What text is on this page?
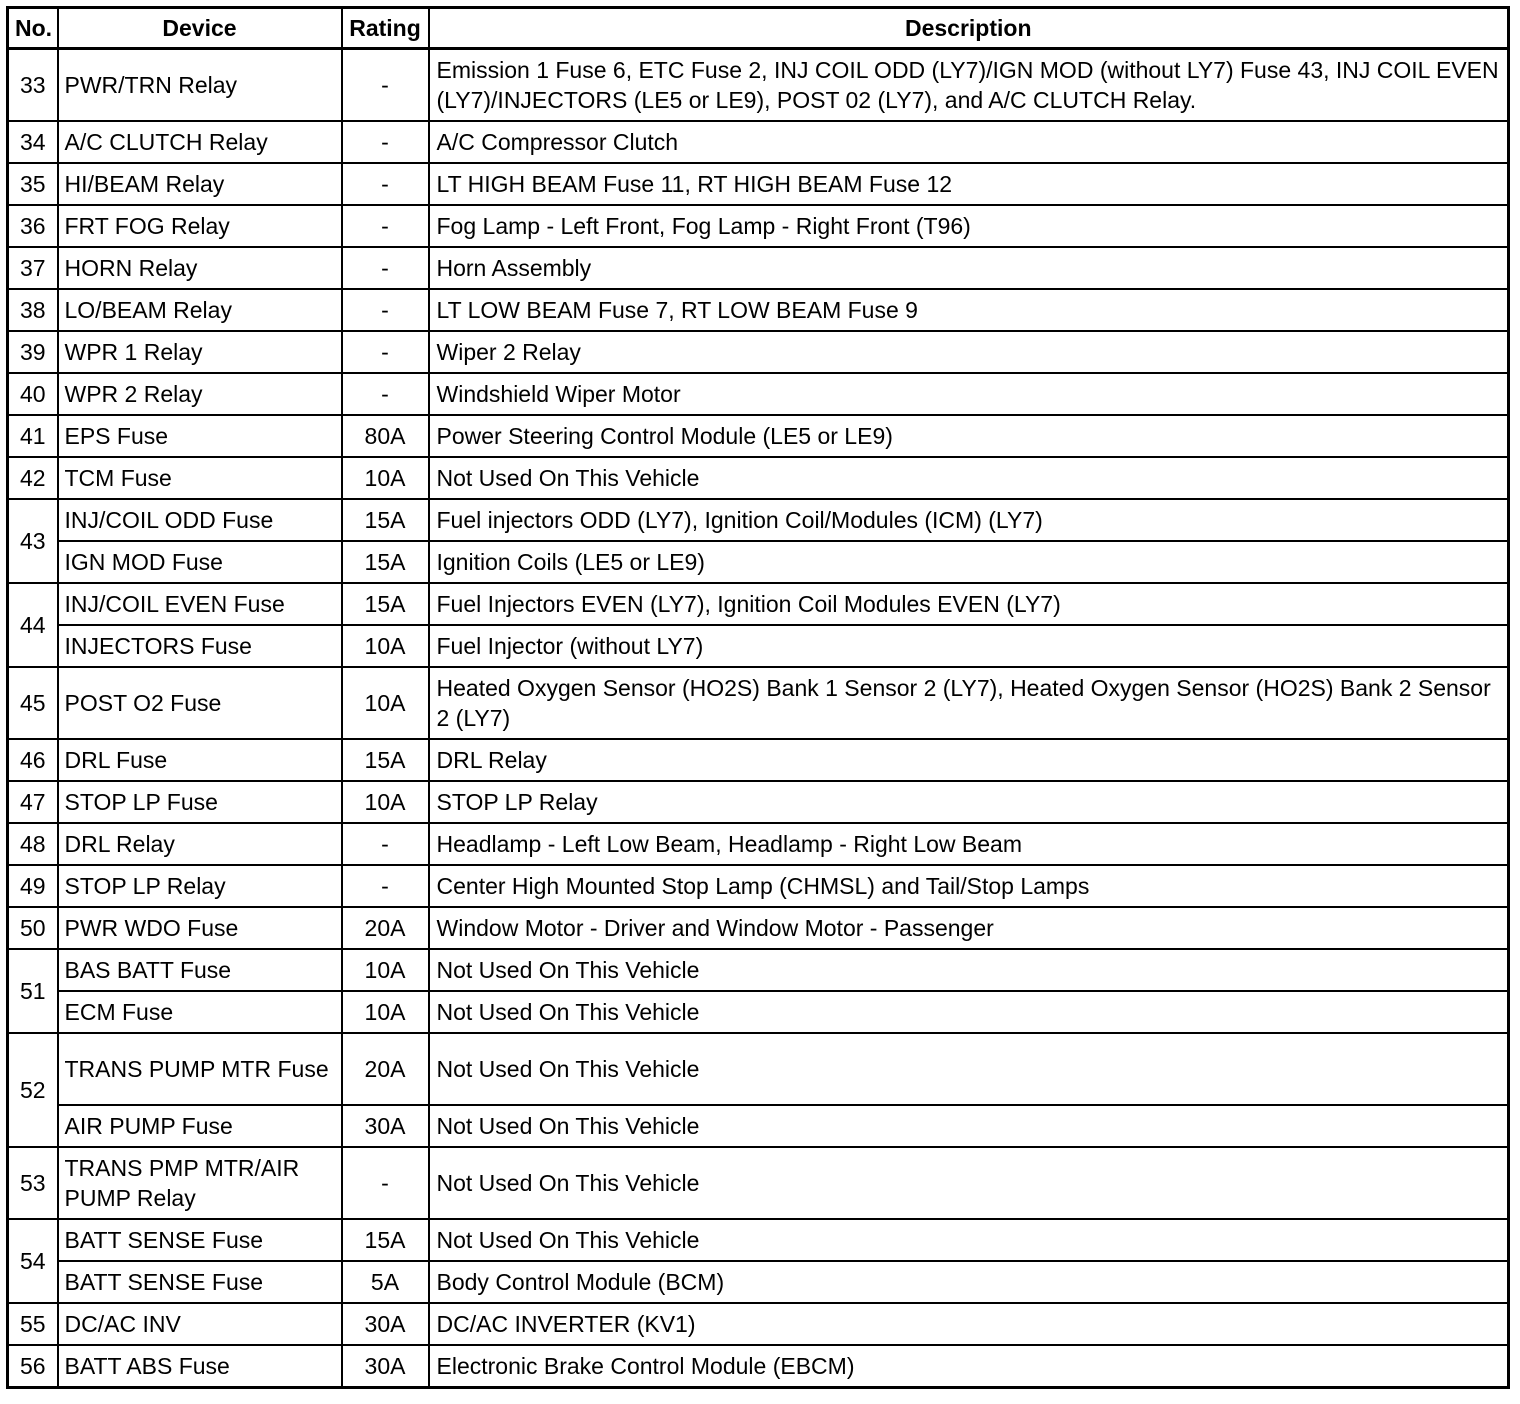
No.	Device	Rating	Description
33	PWR/TRN Relay	-	Emission 1 Fuse 6, ETC Fuse 2, INJ COIL ODD (LY7)/IGN MOD (without LY7) Fuse 43, INJ COIL EVEN (LY7)/INJECTORS (LE5 or LE9), POST 02 (LY7), and A/C CLUTCH Relay.
34	A/C CLUTCH Relay	-	A/C Compressor Clutch
35	HI/BEAM Relay	-	LT HIGH BEAM Fuse 11, RT HIGH BEAM Fuse 12
36	FRT FOG Relay	-	Fog Lamp - Left Front, Fog Lamp - Right Front (T96)
37	HORN Relay	-	Horn Assembly
38	LO/BEAM Relay	-	LT LOW BEAM Fuse 7, RT LOW BEAM Fuse 9
39	WPR 1 Relay	-	Wiper 2 Relay
40	WPR 2 Relay	-	Windshield Wiper Motor
41	EPS Fuse	80A	Power Steering Control Module (LE5 or LE9)
42	TCM Fuse	10A	Not Used On This Vehicle
43	INJ/COIL ODD Fuse	15A	Fuel injectors ODD (LY7), Ignition Coil/Modules (ICM) (LY7)
	IGN MOD Fuse	15A	Ignition Coils (LE5 or LE9)
44	INJ/COIL EVEN Fuse	15A	Fuel Injectors EVEN (LY7), Ignition Coil Modules EVEN (LY7)
	INJECTORS Fuse	10A	Fuel Injector (without LY7)
45	POST O2 Fuse	10A	Heated Oxygen Sensor (HO2S) Bank 1 Sensor 2 (LY7), Heated Oxygen Sensor (HO2S) Bank 2 Sensor 2 (LY7)
46	DRL Fuse	15A	DRL Relay
47	STOP LP Fuse	10A	STOP LP Relay
48	DRL Relay	-	Headlamp - Left Low Beam, Headlamp - Right Low Beam
49	STOP LP Relay	-	Center High Mounted Stop Lamp (CHMSL) and Tail/Stop Lamps
50	PWR WDO Fuse	20A	Window Motor - Driver and Window Motor - Passenger
51	BAS BATT Fuse	10A	Not Used On This Vehicle
	ECM Fuse	10A	Not Used On This Vehicle
52	TRANS PUMP MTR Fuse	20A	Not Used On This Vehicle
	AIR PUMP Fuse	30A	Not Used On This Vehicle
53	TRANS PMP MTR/AIR PUMP Relay	-	Not Used On This Vehicle
54	BATT SENSE Fuse	15A	Not Used On This Vehicle
	BATT SENSE Fuse	5A	Body Control Module (BCM)
55	DC/AC INV	30A	DC/AC INVERTER (KV1)
56	BATT ABS Fuse	30A	Electronic Brake Control Module (EBCM)
